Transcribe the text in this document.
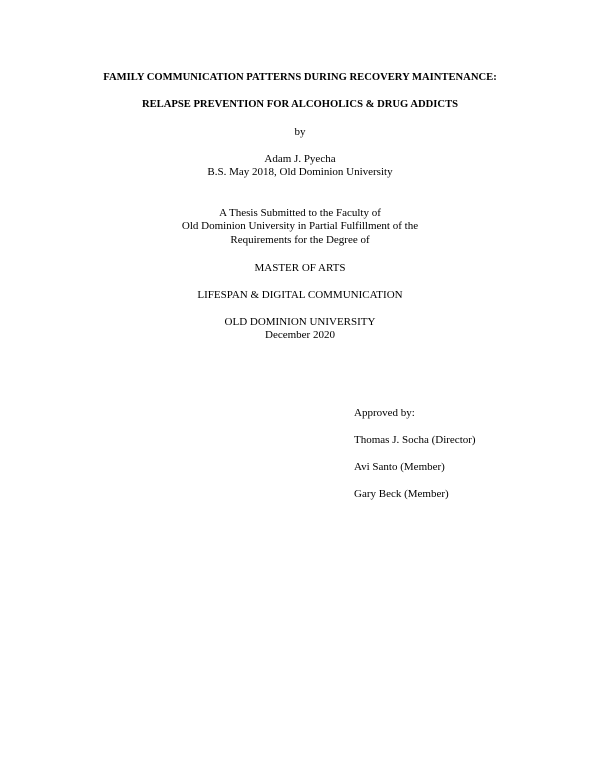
FAMILY COMMUNICATION PATTERNS DURING RECOVERY MAINTENANCE:
RELAPSE PREVENTION FOR ALCOHOLICS & DRUG ADDICTS
by
Adam J. Pyecha
B.S. May 2018, Old Dominion University
A Thesis Submitted to the Faculty of
Old Dominion University in Partial Fulfillment of the
Requirements for the Degree of
MASTER OF ARTS
LIFESPAN & DIGITAL COMMUNICATION
OLD DOMINION UNIVERSITY
December 2020
Approved by:
Thomas J. Socha (Director)
Avi Santo (Member)
Gary Beck (Member)
